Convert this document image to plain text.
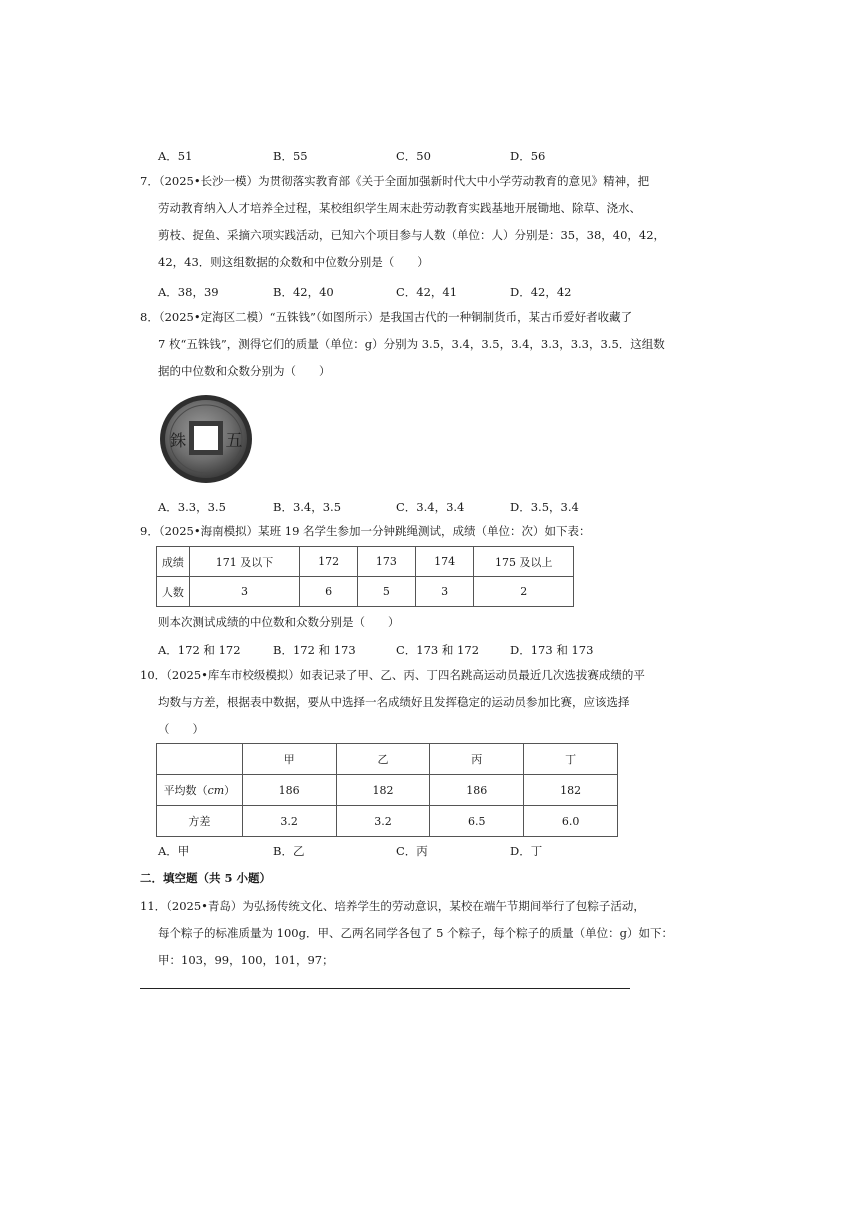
A．51	B．55	C．50	D．56
7．（2025•长沙一模）为贯彻落实教育部《关于全面加强新时代大中小学劳动教育的意见》精神，把
劳动教育纳入人才培养全过程，某校组织学生周末赴劳动教育实践基地开展锄地、除草、浇水、
剪枝、捉鱼、采摘六项实践活动，已知六个项目参与人数（单位：人）分别是：35，38，40，42，
42，43．则这组数据的众数和中位数分别是（　　）
A．38，39	B．42，40	C．42，41	D．42，42
8．（2025•定海区二模）“五铢钱”（如图所示）是我国古代的一种铜制货币，某古币爱好者收藏了
7 枚“五铢钱”，测得它们的质量（单位：g）分别为 3.5，3.4，3.5，3.4，3.3，3.3，3.5．这组数
据的中位数和众数分别为（　　）
銖 五
A．3.3，3.5	B．3.4，3.5	C．3.4，3.4	D．3.5，3.4
9．（2025•海南模拟）某班 19 名学生参加一分钟跳绳测试，成绩（单位：次）如下表：
成绩	171 及以下	172	173	174	175 及以上
人数	3	6	5	3	2
则本次测试成绩的中位数和众数分别是（　　）
A．172 和 172	B．172 和 173	C．173 和 172	D．173 和 173
10．（2025•库车市校级模拟）如表记录了甲、乙、丙、丁四名跳高运动员最近几次选拔赛成绩的平
均数与方差，根据表中数据，要从中选择一名成绩好且发挥稳定的运动员参加比赛，应该选择
（　　）
	甲	乙	丙	丁
平均数（cm）	186	182	186	182
方差	3.2	3.2	6.5	6.0
A．甲	B．乙	C．丙	D．丁
二．填空题（共 5 小题）
11．（2025•青岛）为弘扬传统文化、培养学生的劳动意识，某校在端午节期间举行了包粽子活动，
每个粽子的标准质量为 100g．甲、乙两名同学各包了 5 个粽子，每个粽子的质量（单位：g）如下：
甲：103，99，100，101，97；
